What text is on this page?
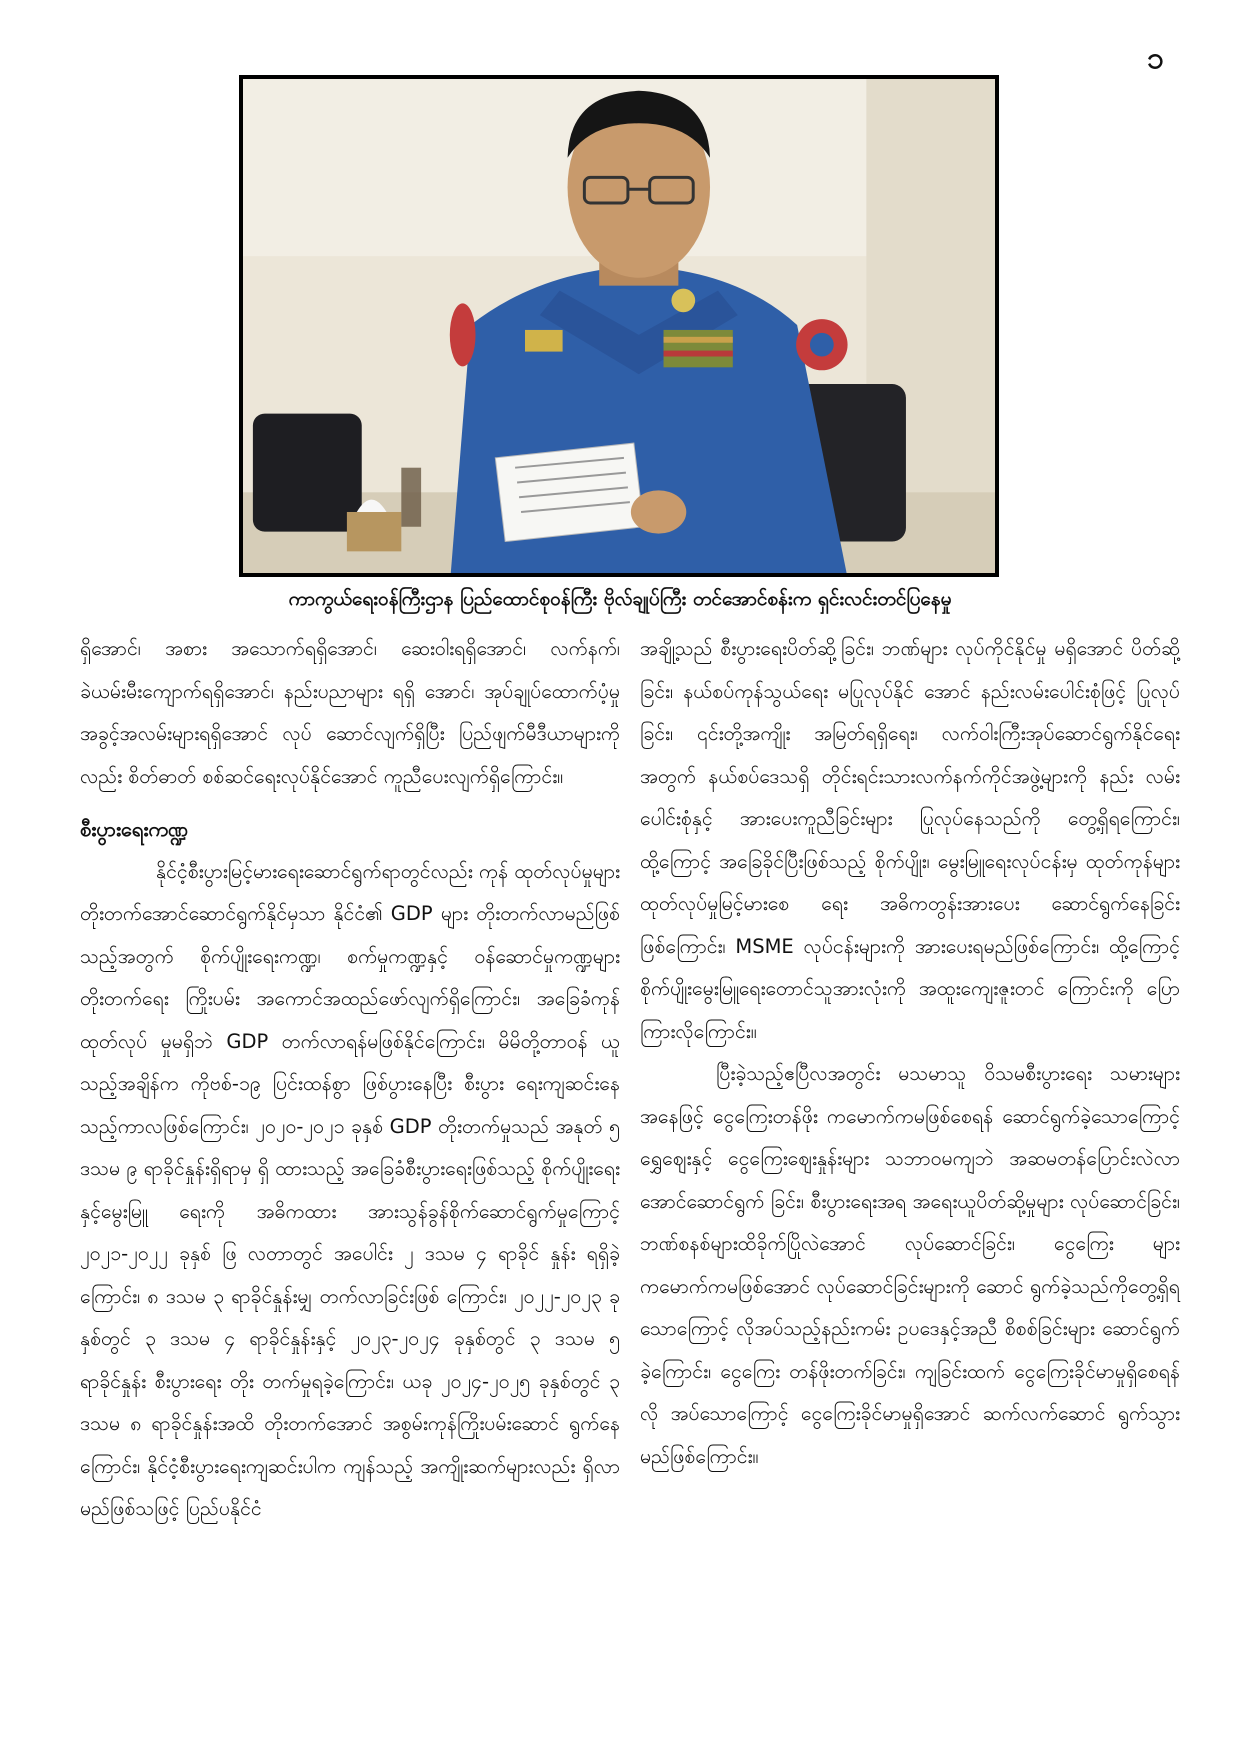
၁
ကာကွယ်ရေးဝန်ကြီးဌာန ပြည်ထောင်စုဝန်ကြီး ဗိုလ်ချုပ်ကြီး တင်အောင်စန်းက ရှင်းလင်းတင်ပြနေမှု

ရှိအောင်၊ အစား အသောက်ရရှိအောင်၊ ဆေးဝါးရရှိအောင်၊ လက်နက်၊ ခဲယမ်းမီးကျောက်ရရှိအောင်၊ နည်းပညာများ ရရှိ အောင်၊ အုပ်ချုပ်ထောက်ပံ့မှုအခွင့်အလမ်းများရရှိအောင် လုပ် ဆောင်လျက်ရှိပြီး ပြည်ဖျက်မီဒီယာများကိုလည်း စိတ်ဓာတ် စစ်ဆင်ရေးလုပ်နိုင်အောင် ကူညီပေးလျက်ရှိကြောင်း။

စီးပွားရေးကဏ္ဍ

နိုင်ငံ့စီးပွားမြင့်မားရေးဆောင်ရွက်ရာတွင်လည်း ကုန် ထုတ်လုပ်မှုများ တိုးတက်အောင်ဆောင်ရွက်နိုင်မှသာ နိုင်ငံ၏ GDP များ တိုးတက်လာမည်ဖြစ်သည့်အတွက် စိုက်ပျိုးရေးကဏ္ဍ၊ စက်မှုကဏ္ဍနှင့် ဝန်ဆောင်မှုကဏ္ဍများတိုးတက်ရေး ကြိုးပမ်း အကောင်အထည်ဖော်လျက်ရှိကြောင်း၊ အခြေခံကုန်ထုတ်လုပ် မှုမရှိဘဲ GDP တက်လာရန်မဖြစ်နိုင်ကြောင်း၊ မိမိတို့တာဝန် ယူသည့်အချိန်က ကိုဗစ်-၁၉ ပြင်းထန်စွာ ဖြစ်ပွားနေပြီး စီးပွား ရေးကျဆင်းနေသည့်ကာလဖြစ်ကြောင်း၊ ၂၀၂၀-၂၀၂၁ ခုနှစ် GDP တိုးတက်မှုသည် အနုတ် ၅ ဒသမ ၉ ရာခိုင်နှုန်းရှိရာမှ ရှိ ထားသည့် အခြေခံစီးပွားရေးဖြစ်သည့် စိုက်ပျိုးရေးနှင့်မွေးမြူ ရေးကို အဓိကထား အားသွန်ခွန်စိုက်ဆောင်ရွက်မှုကြောင့် ၂၀၂၁-၂၀၂၂ ခုနှစ် ဖြ လတာတွင် အပေါင်း ၂ ဒသမ ၄ ရာခိုင် နှုန်း ရရှိခဲ့ကြောင်း၊ ၈ ဒသမ ၃ ရာခိုင်နှုန်းမျှ တက်လာခြင်းဖြစ် ကြောင်း၊ ၂၀၂၂-၂၀၂၃ ခုနှစ်တွင် ၃ ဒသမ ၄ ရာခိုင်နှုန်းနှင့် ၂၀၂၃-၂၀၂၄ ခုနှစ်တွင် ၃ ဒသမ ၅ ရာခိုင်နှုန်း စီးပွားရေး တိုး တက်မှုရခဲ့ကြောင်း၊ ယခု ၂၀၂၄-၂၀၂၅ ခုနှစ်တွင် ၃ ဒသမ ၈ ရာခိုင်နှုန်းအထိ တိုးတက်အောင် အစွမ်းကုန်ကြိုးပမ်းဆောင် ရွက်နေကြောင်း၊ နိုင်ငံ့စီးပွားရေးကျဆင်းပါက ကျန်သည့် အကျိုးဆက်များလည်း ရှိလာမည်ဖြစ်သဖြင့် ပြည်ပနိုင်ငံ

အချို့သည် စီးပွားရေးပိတ်ဆို့ခြင်း၊ ဘဏ်များ လုပ်ကိုင်နိုင်မှု မရှိအောင် ပိတ်ဆို့ခြင်း၊ နယ်စပ်ကုန်သွယ်ရေး မပြုလုပ်နိုင် အောင် နည်းလမ်းပေါင်းစုံဖြင့် ပြုလုပ်ခြင်း၊ ၎င်းတို့အကျိုး အမြတ်ရရှိရေး၊ လက်ဝါးကြီးအုပ်ဆောင်ရွက်နိုင်ရေးအတွက် နယ်စပ်ဒေသရှိ တိုင်းရင်းသားလက်နက်ကိုင်အဖွဲ့များကို နည်း လမ်းပေါင်းစုံနှင့် အားပေးကူညီခြင်းများ ပြုလုပ်နေသည်ကို တွေ့ရှိရကြောင်း၊ ထို့ကြောင့် အခြေခိုင်ပြီးဖြစ်သည့် စိုက်ပျိုး၊ မွေးမြူရေးလုပ်ငန်းမှ ထုတ်ကုန်များ ထုတ်လုပ်မှုမြင့်မားစေ ရေး အဓိကတွန်းအားပေး ဆောင်ရွက်နေခြင်းဖြစ်ကြောင်း၊ MSME လုပ်ငန်းများကို အားပေးရမည်ဖြစ်ကြောင်း၊ ထို့ကြောင့် စိုက်ပျိုးမွေးမြူရေးတောင်သူအားလုံးကို အထူးကျေးဇူးတင် ကြောင်းကို ပြောကြားလိုကြောင်း။

ပြီးခဲ့သည့်ဧပြီလအတွင်း မသမာသူ ဝိသမစီးပွားရေး သမားများအနေဖြင့် ငွေကြေးတန်ဖိုး ကမောက်ကမဖြစ်စေရန် ဆောင်ရွက်ခဲ့သောကြောင့် ရွှေဈေးနှင့် ငွေကြေးဈေးနှုန်းများ သဘာဝမကျဘဲ အဆမတန်ပြောင်းလဲလာအောင်ဆောင်ရွက် ခြင်း၊ စီးပွားရေးအရ အရေးယူပိတ်ဆို့မှုများ လုပ်ဆောင်ခြင်း၊ ဘဏ်စနစ်များထိခိုက်ပြိုလဲအောင် လုပ်ဆောင်ခြင်း၊ ငွေကြေး များ ကမောက်ကမဖြစ်အောင် လုပ်ဆောင်ခြင်းများကို ဆောင် ရွက်ခဲ့သည်ကိုတွေ့ရှိရသောကြောင့် လိုအပ်သည့်နည်းကမ်း ဥပဒေနှင့်အညီ စိစစ်ခြင်းများ ဆောင်ရွက်ခဲ့ကြောင်း၊ ငွေကြေး တန်ဖိုးတက်ခြင်း၊ ကျခြင်းထက် ငွေကြေးခိုင်မာမှုရှိစေရန် လို အပ်သောကြောင့် ငွေကြေးခိုင်မာမှုရှိအောင် ဆက်လက်ဆောင် ရွက်သွားမည်ဖြစ်ကြောင်း။
